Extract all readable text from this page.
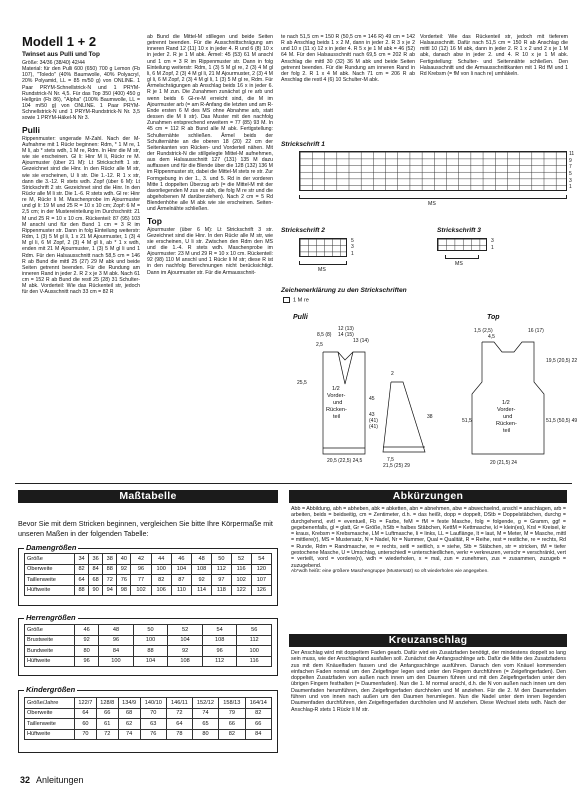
Modell 1 + 2
Twinset aus Pulli und Top

Größe: 34/36 (38/40) 42/44

Material: für den Pulli 600 (650) 700 g Lemon (Fb 107), "Toledo" (40% Baumwolle, 40% Polyacryl, 20% Polyamid, LL = 85 m/50 g) von ONLINE. 1 Paar PRYM-Schnellstrick-N und 1 PRYM-Rundstrick-N Nr. 4,5. Für das Top 350 (400) 450 g Hellgrün (Fb 86), "Alpha" (100% Baumwolle, LL = 104 m/50 g) von ONLINE. 1 Paar PRYM-Schnellstrick-N und 1 PRYM-Rundstrick-N Nr. 3,5 sowie 1 PRYM-Häkel-N Nr 3.

Pulli

Rippenmuster: ungerade M-Zahl. Nach der M-Aufnahme mit 1 Rückr beginnen: Rdm, * 1 M re, 1 M li, ab * stets wdh, 1 M re, Rdm. In Hinr die M str, wie sie erscheinen. Gl li: Hinr M li, Rückr re M. Ajourmuster (über 21 M): Lt Strickschrift 1 str. Gezeichnet sind die Hinr. In den Rückr alle M str, wie sie erscheinen, U li str. Die 1.-12. R 1 x str, dann die 3.-12. R stets wdh. Zopf (über 6 M): Lt Strickschrift 2 str. Gezeichnet sind die Hinr. In den Rückr alle M li str. Die 1.-6. R stets wdh. Gl re: Hinr re M, Rückr li M. Maschenprobe im Ajourmuster und gl li: 19 M und 25 R = 10 x 10 cm; Zopf: 6 M = 2,5 cm; in der Mustereinteilung im Durchschnitt: 21 M und 25 R = 10 x 10 cm. Rückenteil: 87 (95) 103 M anschl und für den Bund 1 cm = 3 R im Rippenmuster str. Dann in folg Einteilung weiterstr: Rdm, 1 (3) 5 M gl li, 1 x 21 M Ajourmuster, 1 (3) 4 M gl li, 6 M Zopf, 2 (3) 4 M gl li, ab * 1 x wdh, enden mit 21 M Ajourmuster, 1 (3) 5 M gl li und 1 Rdm. Für den Halsausschnitt nach 58,5 cm = 146 R ab Bund die mittl 25 (27) 29 M abk und beide Seiten getrennt beenden. Für die Rundung am inneren Rand in jeder 2. R 2 x je 3 M abk. Nach 61 cm = 152 R ab Bund die restl 25 (28) 31 Schulter-M abk. Vorderteil: Wie das Rückenteil str, jedoch für den V-Ausschnitt nach 33 cm = 82 R

ab Bund die Mittel-M stillegen und beide Seiten getrennt beenden. Für die Ausschnittschrägung am inneren Rand 12 (11) 10 x in jeder 4. R und 6 (8) 10 x in jeder 2. R je 1 M abk. Ärmel: 45 (53) 61 M anschl und 1 cm = 3 R im Rippenmuster str. Dann in folg Einteilung weiterstr: Rdm, 1 (3) 5 M gl re, 2 (3) 4 M gl li, 6 M Zopf, 2 (3) 4 M gl li, 21 M Ajourmuster, 2 (3) 4 M gl li, 6 M Zopf, 2 (3) 4 M gl li, 1 (3) 5 M gl re, Rdm. Für Ärmelschrägungen ab Anschlag beids 16 x in jeder 6. R je 1 M zun. Die Zunahmen zunächst gl re arb und wenn beids 6 Gl-re-M erreicht sind, die M im Ajourmuster arb (= am R-Anfang die letzten und am R-Ende ersten 6 M des MS ohne Abnahme arb, statt dessen die M li str). Das Muster mit den nachfolg Zunahmen entsprechend erweitern = 77 (85) 93 M. In 45 cm = 112 R ab Bund alle M abk. Fertigstellung: Schulternähte schließen. Ärmel beids der Schulternähte an die oberen 18 (20) 22 cm der Seitenkanten von Rücken- und Vorderteil nähen. Mit der Rundstrick-N die stillgelegte Mittel-M aufnehmen, aus dem Halsausschnitt 127 (131) 135 M dazu auffassen und für die Blende über die 128 (132) 136 M im Rippenmuster str, dabei die Mittel-M stets re str. Zur Formgebung in der 1., 3. und 5. Rd in der vorderen Mitte 1 doppelten Überzug arb (= die Mittel-M mit der davorliegenden M zus re abh, die folg M re str und die abgehobenen M darüberziehen). Nach 2 cm = 5 Rd Blendenhöhe alle M abk wie sie erscheinen. Seiten- und Ärmelnähte schließen.

Top

Ajourmuster (über 6 M): Lt Strickschrift 3 str. Gezeichnet sind die Hinr. In den Rückr alle M str, wie sie erscheinen, U li str. Zwischen den Rdm den MS und die 1.-4. R stets wdh. Maschenprobe im Ajourmuster: 23 M und 29 R = 10 x 10 cm. Rückenteil: 92 (98) 110 M anschl und 1 Rückr li M str; diese R ist in den nachfolg Berechnungen nicht berücksichtigt. Dann im Ajourmuster str. Für die Armausschnit-

te nach 51,5 cm = 150 R (50,5 cm = 146 R) 49 cm = 142 R ab Anschlag beids 1 x 2 M, dann in jeder 2. R 3 x je 2 und 10 x (11 x) 12 x in jeder 4. R 5 x je 1 M abk = 46 (52) 64 M. Für den Halsausschnitt nach 69,5 cm = 202 R ab Anschlag die mittl 30 (32) 36 M abk und beide Seiten getrennt beenden. Für die Rundung am inneren Rand in der folg 2. R 1 x 4 M abk. Nach 71 cm = 206 R ab Anschlag die restl 4 (6) 10 Schulter-M abk.

Vorderteil: Wie das Rückenteil str, jedoch mit tieferem Halsausschnitt. Dafür nach 51,5 cm = 150 R ab Anschlag die mittl 10 (12) 16 M abk, dann in jeder 2. R 1 x 2 und 2 x je 1 M abk, danach abw in jeder 2. und 4. R 10 x je 1 M abk. Fertigstellung: Schulter- und Seitennähte schließen. Den Halsausschnitt und die Armausschnittkanten mit 1 Rd fM und 1 Rd Krebsm (= fM von li nach re) umhäkeln.

Strickschrift 1
11
9
7
5
3
1
MS
Strickschrift 2
5
3
1
MS
Strickschrift 3
3
1
MS
Zeichenerklärung zu den Strickschriften
1 M re
Pulli	Top
1/2
Vorder-
und
Rücken-
teil
8,5 (8)
12 (13)
14 (15)
13 (14)
2,5
25,5
45
43
(41)
(41)
38
2
20,5 (22,5) 24,5	7,5
21,5 (25) 29
1/2
Vorder-
und
Rücken-
teil
1,5 (2,5)
4,5
16 (17)
19,5 (20,5) 22
51,5	51,5 (50,5) 49
20 (21,5) 24
Maßtabelle

Bevor Sie mit dem Stricken beginnen, vergleichen Sie bitte Ihre Körpermaße mit unseren Maßen in der folgenden Tabelle:

Damengrößen
Größe	34	36	38	40	42	44	46	48	50	52	54
Oberweite	82	84	88	92	96	100	104	108	112	116	120
Taillenweite	64	68	72	76	77	82	87	92	97	102	107
Hüftweite	88	90	94	98	102	106	110	114	118	122	126
Herrengrößen
Größe	46	48	50	52	54	56
Brustweite	92	96	100	104	108	112
Bundweite	80	84	88	92	96	100
Hüftweite	96	100	104	108	112	116
Kindergrößen
Größe/Jahre	122/7	128/8	134/9	140/10	146/11	152/12	158/13	164/14
Oberweite	64	66	68	70	72	74	79	82
Taillenweite	60	61	62	63	64	65	66	66
Hüftweite	70	72	74	76	78	80	82	84
Abkürzungen

Abb = Abbildung, abh = abheben, abk = abketten, abn = abnehmen, abw = abwechselnd, anschl = anschlagen, arb = arbeiten, beids = beidseitig, cm = Zentimeter, d.h. = das heißt, dopp = doppelt, DStb = Doppelstäbchen, durchg = durchgehend, evtl = eventuell, Fb = Farbe, feM = fM = feste Masche, folg = folgende, g = Gramm, ggf = gegebenenfalls, gl = glatt, Gr = Größe, hStb = halbes Stäbchen, KettM = Kettmasche, kl = klein(es), Krsl = Kreisel, kr = kraus, Krebsm = Krebsmasche, LM = Luftmasche, li = links, LL = Lauflänge, lt = laut, M = Meter, M = Masche, mittl = mittlere(r), MS = Mustersatz, N = Nadel, Nr = Nummer, Qual = Qualität, R = Reihe, rest = restliche, re = rechts, Rd = Runde, Rdm = Randmasche, re = rechts, seitl = seitlich, s = siehe, Stb = Stäbchen, str = stricken, tM = tiefer gestochene Masche, U = Umschlag, unterschiedl = unterschiedlichen, verkr = verkreuzen, verschr = verschränkt, vert = verteilt, vord = vordere(n), wdh = wiederholen, x = mal, zun = zunehmen, zus = zusammen, zuzugeb = zuzugebend.

Ab*wdh heißt: eine größere Maschengruppe (Mustersatz) so oft wiederholen wie angegeben.

Kreuzanschlag

Der Anschlag wird mit doppeltem Faden gearb. Dafür wird ein Zusatzfaden benötigt, der mindestens doppelt so lang sein muss, wie der Anschlagrand ausfallen soll. Zunächst die Anfangsschlinge arb. Dafür die Mitte des Zusatzfadens zus mit dem Knäuelfaden fassen und die Anfangsschlinge ausführen. Danach den vom Knäuel kommenden einfachen Faden nonnal um den Zeigefinger legen und unter den Fingern durchführen (= Zeigefingerfaden). Den doppelten Zusatzfaden von außen nach innen um den Daumen führen und mit den Zeigefingerfaden unter den übrigen Fingern festhalten (= Daumenfaden). Nun die 1. M normal anschl, d.h. die N von außen nach innen um den Daumenfaden herumführen, den Zeigefingerfaden durchholen und M anziehen. Für die 2. M den Daumenfaden führen und von innen nach außen um den Daumen herumlegen. Nun die Nadel unter dem innen liegenden Daumenfaden durchführen, den Zeigefingerfaden durchholen und M anziehen. Diese Wechsel stets wdh. Nach der Anschlag-R stets 1 Rückr li M str.

32 Anleitungen
